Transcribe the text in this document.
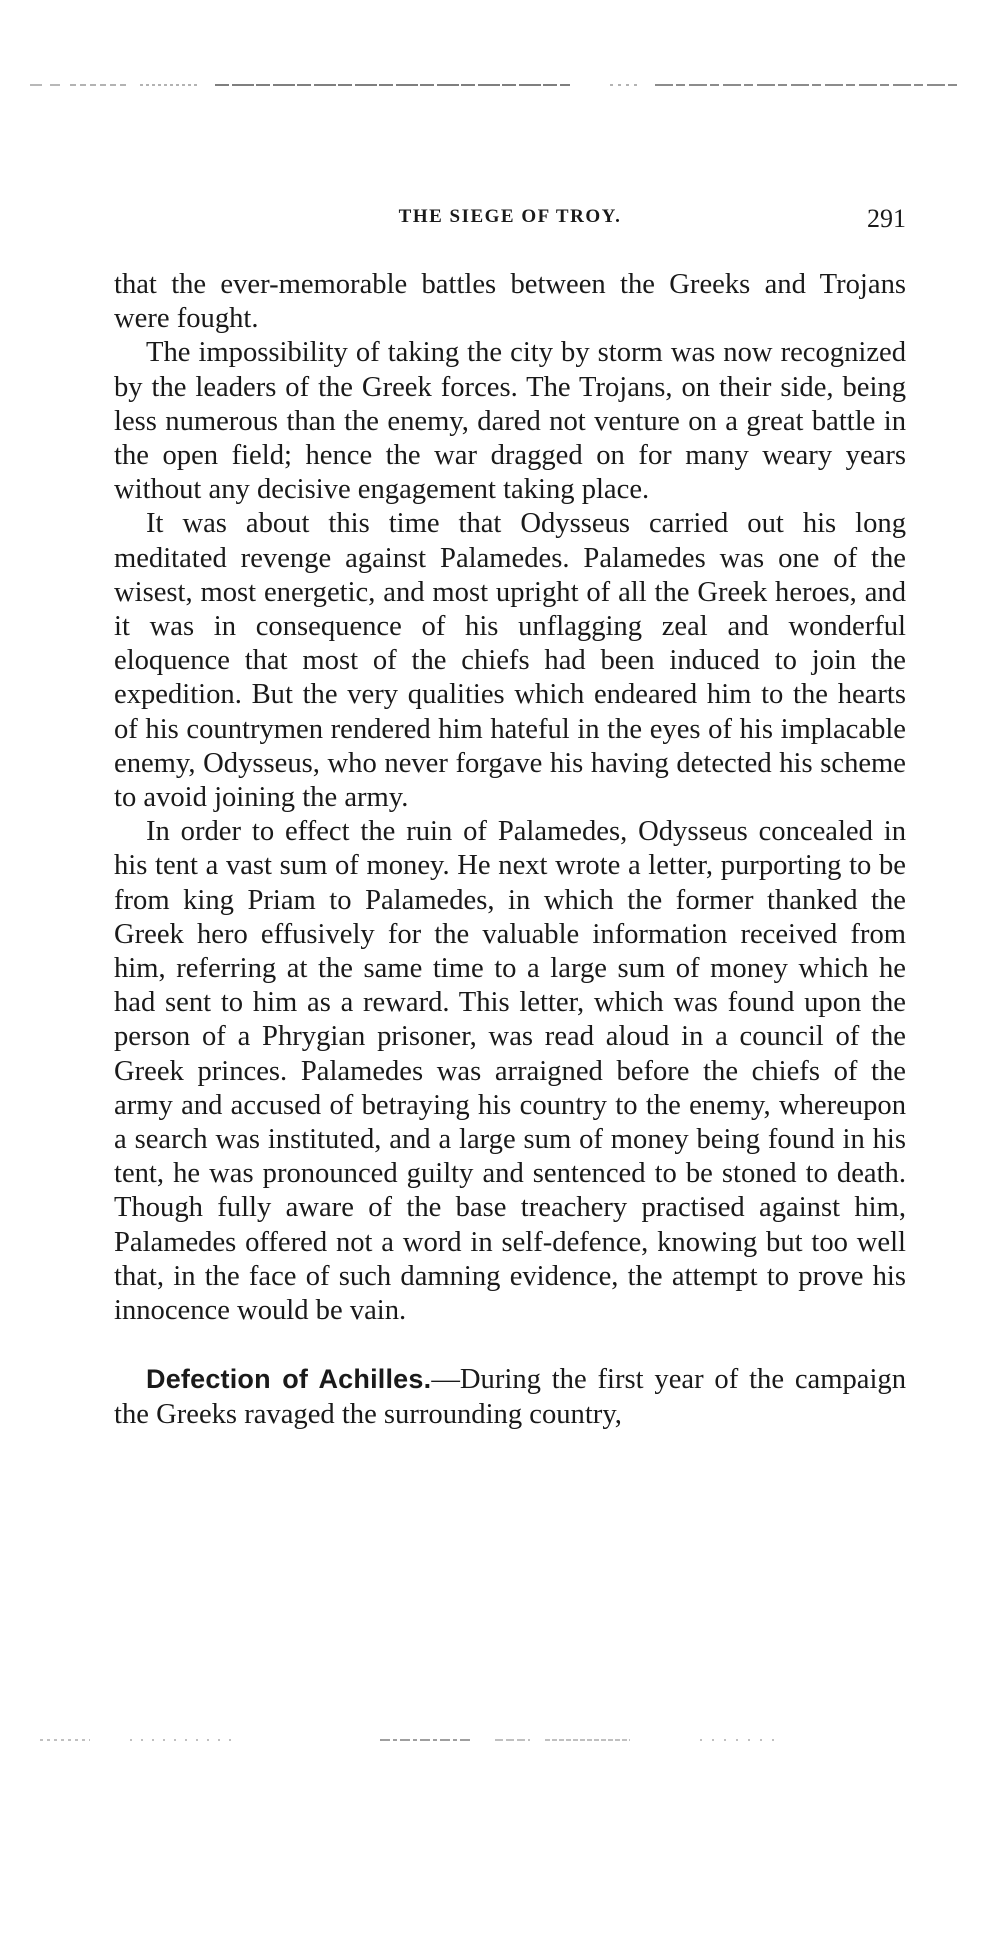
THE SIEGE OF TROY.	291

that the ever-memorable battles between the Greeks and Trojans were fought.

The impossibility of taking the city by storm was now recognized by the leaders of the Greek forces. The Trojans, on their side, being less numerous than the enemy, dared not venture on a great battle in the open field; hence the war dragged on for many weary years without any decisive engagement taking place.

It was about this time that Odysseus carried out his long meditated revenge against Palamedes. Palamedes was one of the wisest, most energetic, and most upright of all the Greek heroes, and it was in consequence of his unflagging zeal and wonderful eloquence that most of the chiefs had been induced to join the expedition. But the very qualities which endeared him to the hearts of his countrymen rendered him hateful in the eyes of his implacable enemy, Odysseus, who never forgave his having detected his scheme to avoid joining the army.

In order to effect the ruin of Palamedes, Odysseus concealed in his tent a vast sum of money. He next wrote a letter, purporting to be from king Priam to Palamedes, in which the former thanked the Greek hero effusively for the valuable information received from him, referring at the same time to a large sum of money which he had sent to him as a reward. This letter, which was found upon the person of a Phrygian prisoner, was read aloud in a council of the Greek princes. Palamedes was arraigned before the chiefs of the army and accused of betraying his country to the enemy, whereupon a search was instituted, and a large sum of money being found in his tent, he was pronounced guilty and sentenced to be stoned to death. Though fully aware of the base treachery practised against him, Palamedes offered not a word in self-defence, knowing but too well that, in the face of such damning evidence, the attempt to prove his innocence would be vain.

Defection of Achilles.—During the first year of the campaign the Greeks ravaged the surrounding country,
